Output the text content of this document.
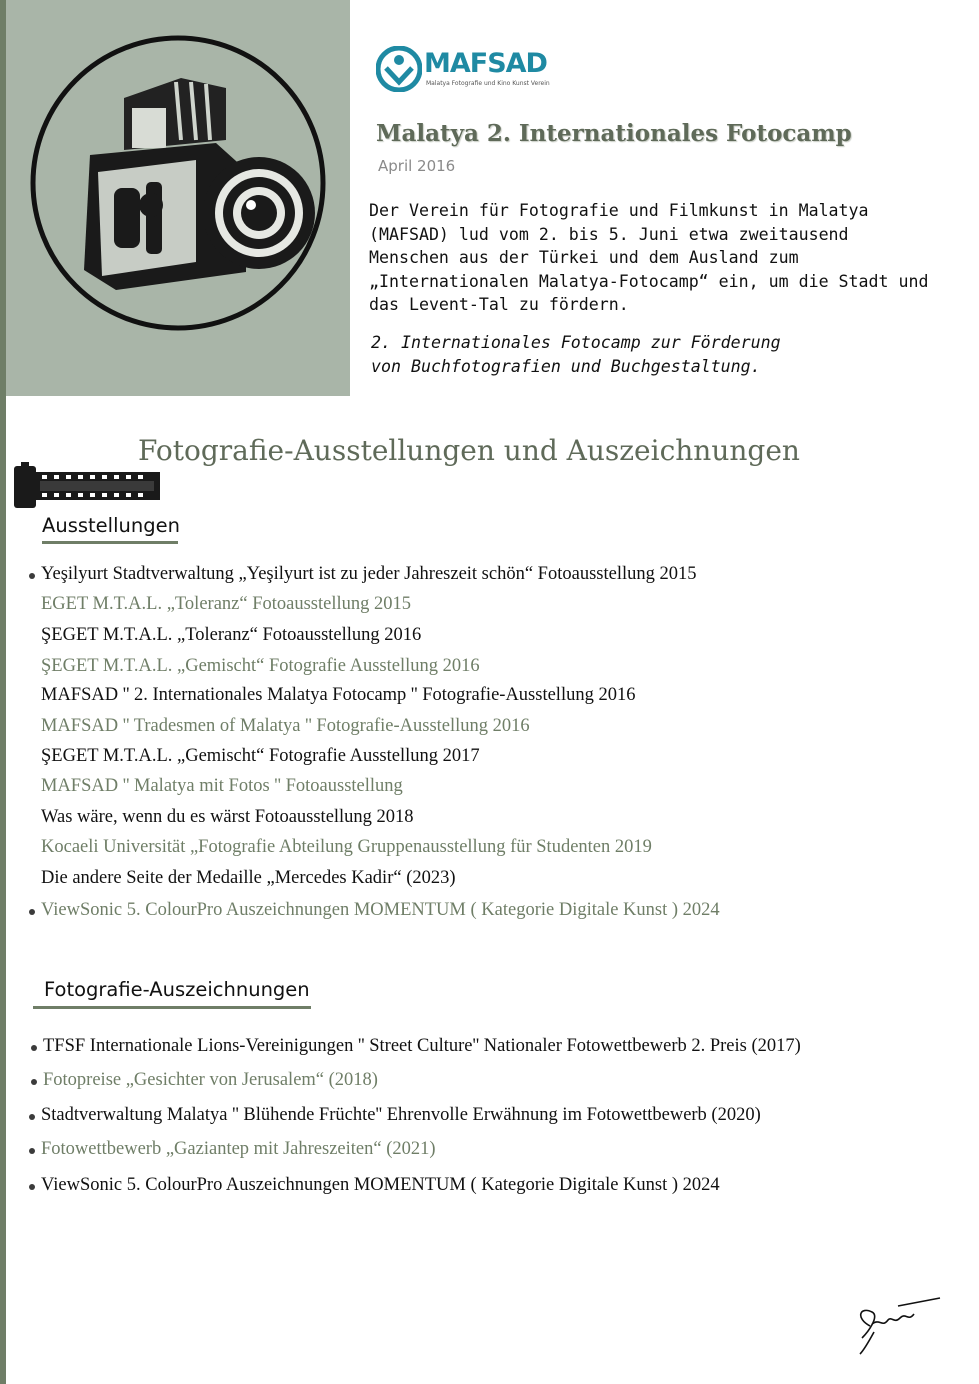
MAFSAD
Malatya Fotografie und Kino Kunst Verein
Malatya 2. Internationales Fotocamp
April 2016
Der Verein für Fotografie und Filmkunst in Malatya
(MAFSAD) lud vom 2. bis 5. Juni etwa zweitausend
Menschen aus der Türkei und dem Ausland zum
„Internationalen Malatya-Fotocamp“ ein, um die Stadt und
das Levent-Tal zu fördern.
2. Internationales Fotocamp zur Förderung
von Buchfotografien und Buchgestaltung.
Fotografie-Ausstellungen und Auszeichnungen
Ausstellungen
Yeşilyurt Stadtverwaltung „Yeşilyurt ist zu jeder Jahreszeit schön“ Fotoausstellung 2015
EGET M.T.A.L. „Toleranz“ Fotoausstellung 2015
ŞEGET M.T.A.L. „Toleranz“ Fotoausstellung 2016
ŞEGET M.T.A.L. „Gemischt“ Fotografie Ausstellung 2016
MAFSAD '' 2. Internationales Malatya Fotocamp '' Fotografie-Ausstellung 2016
MAFSAD '' Tradesmen of Malatya '' Fotografie-Ausstellung 2016
ŞEGET M.T.A.L. „Gemischt“ Fotografie Ausstellung 2017
MAFSAD '' Malatya mit Fotos '' Fotoausstellung
Was wäre, wenn du es wärst Fotoausstellung 2018
Kocaeli Universität „Fotografie Abteilung Gruppenausstellung für Studenten 2019
Die andere Seite der Medaille „Mercedes Kadir“ (2023)
ViewSonic 5. ColourPro Auszeichnungen MOMENTUM ( Kategorie Digitale Kunst ) 2024
Fotografie-Auszeichnungen
TFSF Internationale Lions-Vereinigungen '' Street Culture'' Nationaler Fotowettbewerb 2. Preis (2017)
Fotopreise „Gesichter von Jerusalem“ (2018)
Stadtverwaltung Malatya '' Blühende Früchte'' Ehrenvolle Erwähnung im Fotowettbewerb (2020)
Fotowettbewerb „Gaziantep mit Jahreszeiten“ (2021)
ViewSonic 5. ColourPro Auszeichnungen MOMENTUM ( Kategorie Digitale Kunst ) 2024
